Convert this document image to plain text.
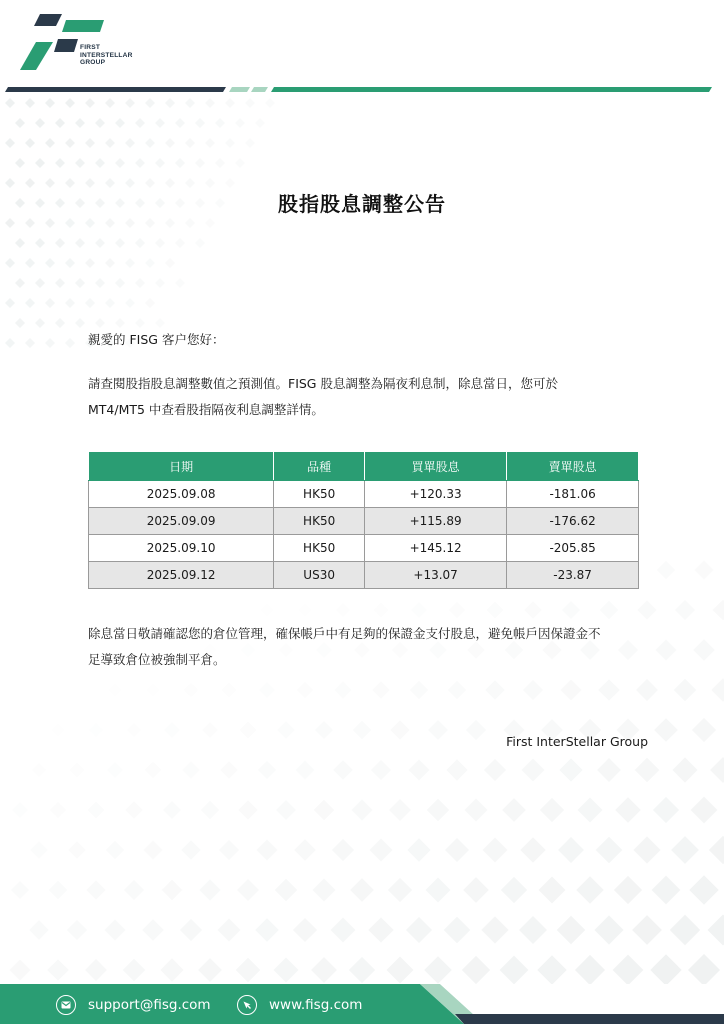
FIRST
INTERSTELLAR
GROUP
股指股息調整公告
親愛的 FISG 客户您好：
請查閱股指股息調整數值之預測值。FISG 股息調整為隔夜利息制，除息當日，您可於
MT4/MT5 中查看股指隔夜利息調整詳情。
日期	品種	買單股息	賣單股息
2025.09.08	HK50	+120.33	-181.06
2025.09.09	HK50	+115.89	-176.62
2025.09.10	HK50	+145.12	-205.85
2025.09.12	US30	+13.07	-23.87
除息當日敬請確認您的倉位管理，確保帳戶中有足夠的保證金支付股息，避免帳戶因保證金不
足導致倉位被強制平倉。
First InterStellar Group
support@fisg.com	www.fisg.com
